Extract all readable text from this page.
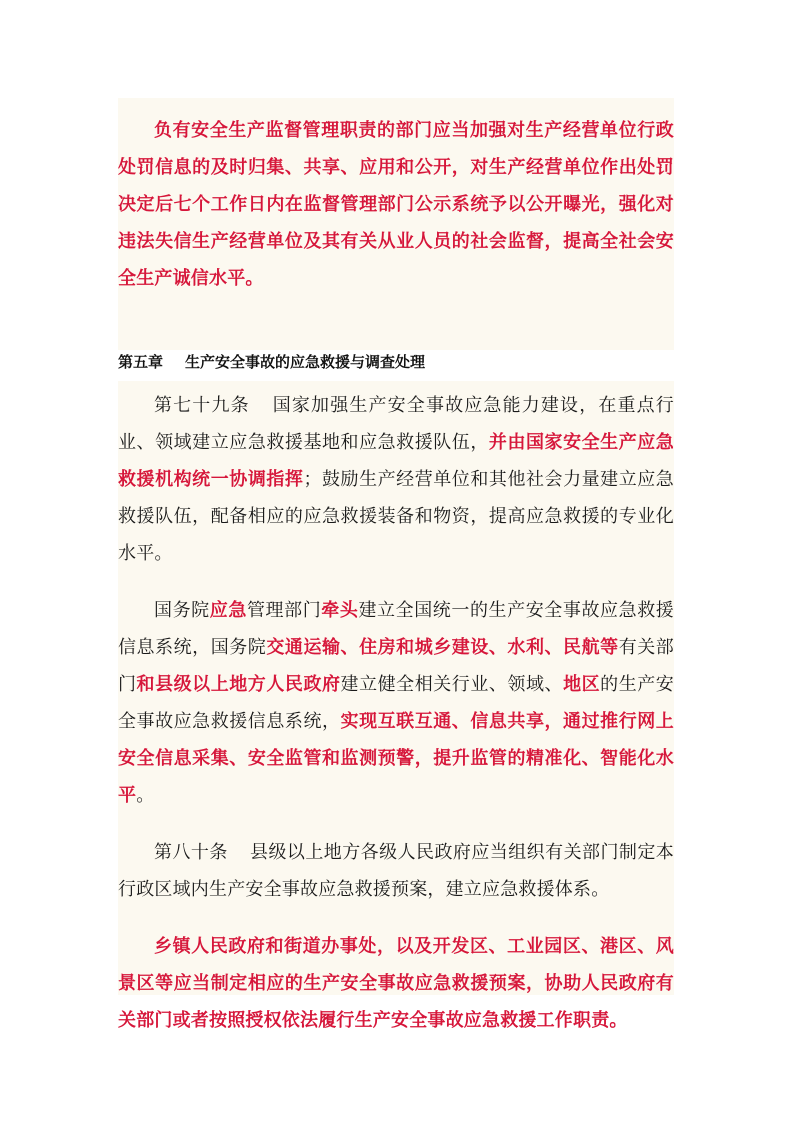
负有安全生产监督管理职责的部门应当加强对生产经营单位行政处罚信息的及时归集、共享、应用和公开，对生产经营单位作出处罚决定后七个工作日内在监督管理部门公示系统予以公开曝光，强化对违法失信生产经营单位及其有关从业人员的社会监督，提高全社会安全生产诚信水平。

第五章 生产安全事故的应急救援与调查处理

第七十九条 国家加强生产安全事故应急能力建设，在重点行业、领域建立应急救援基地和应急救援队伍，并由国家安全生产应急救援机构统一协调指挥；鼓励生产经营单位和其他社会力量建立应急救援队伍，配备相应的应急救援装备和物资，提高应急救援的专业化水平。

国务院应急管理部门牵头建立全国统一的生产安全事故应急救援信息系统，国务院交通运输、住房和城乡建设、水利、民航等有关部门和县级以上地方人民政府建立健全相关行业、领域、地区的生产安全事故应急救援信息系统，实现互联互通、信息共享，通过推行网上安全信息采集、安全监管和监测预警，提升监管的精准化、智能化水平。

第八十条 县级以上地方各级人民政府应当组织有关部门制定本行政区域内生产安全事故应急救援预案，建立应急救援体系。

乡镇人民政府和街道办事处，以及开发区、工业园区、港区、风景区等应当制定相应的生产安全事故应急救援预案，协助人民政府有关部门或者按照授权依法履行生产安全事故应急救援工作职责。
